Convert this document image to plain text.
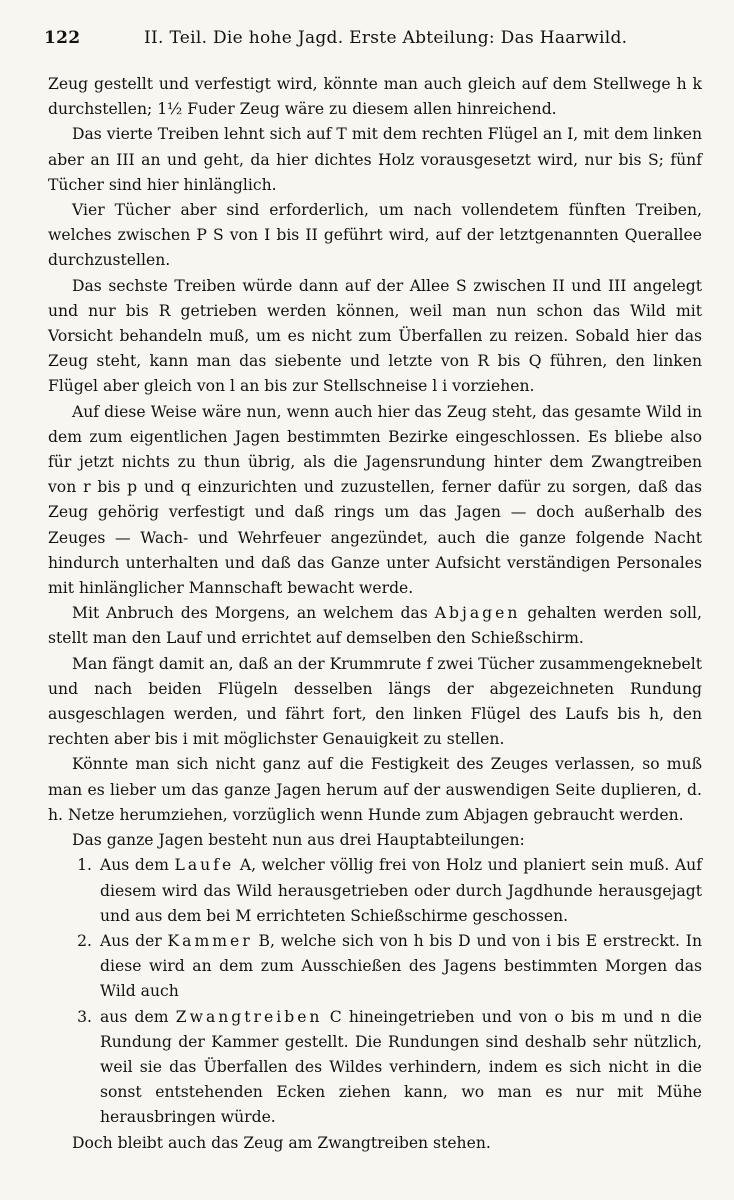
122	II. Teil. Die hohe Jagd. Erste Abteilung: Das Haarwild.

Zeug gestellt und verfestigt wird, könnte man auch gleich auf dem Stellwege h k durchstellen; 1½ Fuder Zeug wäre zu diesem allen hinreichend.

Das vierte Treiben lehnt sich auf T mit dem rechten Flügel an I, mit dem linken aber an III an und geht, da hier dichtes Holz vorausgesetzt wird, nur bis S; fünf Tücher sind hier hinlänglich.

Vier Tücher aber sind erforderlich, um nach vollendetem fünften Treiben, welches zwischen P S von I bis II geführt wird, auf der letztgenannten Querallee durchzustellen.

Das sechste Treiben würde dann auf der Allee S zwischen II und III angelegt und nur bis R getrieben werden können, weil man nun schon das Wild mit Vorsicht behandeln muß, um es nicht zum Überfallen zu reizen. Sobald hier das Zeug steht, kann man das siebente und letzte von R bis Q führen, den linken Flügel aber gleich von l an bis zur Stellschneise l i vorziehen.

Auf diese Weise wäre nun, wenn auch hier das Zeug steht, das gesamte Wild in dem zum eigentlichen Jagen bestimmten Bezirke eingeschlossen. Es bliebe also für jetzt nichts zu thun übrig, als die Jagensrundung hinter dem Zwangtreiben von r bis p und q einzurichten und zuzustellen, ferner dafür zu sorgen, daß das Zeug gehörig verfestigt und daß rings um das Jagen — doch außerhalb des Zeuges — Wach- und Wehrfeuer angezündet, auch die ganze folgende Nacht hindurch unterhalten und daß das Ganze unter Aufsicht verständigen Personales mit hinlänglicher Mannschaft bewacht werde.

Mit Anbruch des Morgens, an welchem das Abjagen gehalten werden soll, stellt man den Lauf und errichtet auf demselben den Schießschirm.

Man fängt damit an, daß an der Krummrute f zwei Tücher zusammengeknebelt und nach beiden Flügeln desselben längs der abgezeichneten Rundung ausgeschlagen werden, und fährt fort, den linken Flügel des Laufs bis h, den rechten aber bis i mit möglichster Genauigkeit zu stellen.

Könnte man sich nicht ganz auf die Festigkeit des Zeuges verlassen, so muß man es lieber um das ganze Jagen herum auf der auswendigen Seite duplieren, d. h. Netze herumziehen, vorzüglich wenn Hunde zum Abjagen gebraucht werden.

Das ganze Jagen besteht nun aus drei Hauptabteilungen:

1. Aus dem Laufe A, welcher völlig frei von Holz und planiert sein muß. Auf diesem wird das Wild herausgetrieben oder durch Jagdhunde herausgejagt und aus dem bei M errichteten Schießschirme geschossen.
2. Aus der Kammer B, welche sich von h bis D und von i bis E erstreckt. In diese wird an dem zum Ausschießen des Jagens bestimmten Morgen das Wild auch
3. aus dem Zwangtreiben C hineingetrieben und von o bis m und n die Rundung der Kammer gestellt. Die Rundungen sind deshalb sehr nützlich, weil sie das Überfallen des Wildes verhindern, indem es sich nicht in die sonst entstehenden Ecken ziehen kann, wo man es nur mit Mühe herausbringen würde.

Doch bleibt auch das Zeug am Zwangtreiben stehen.
